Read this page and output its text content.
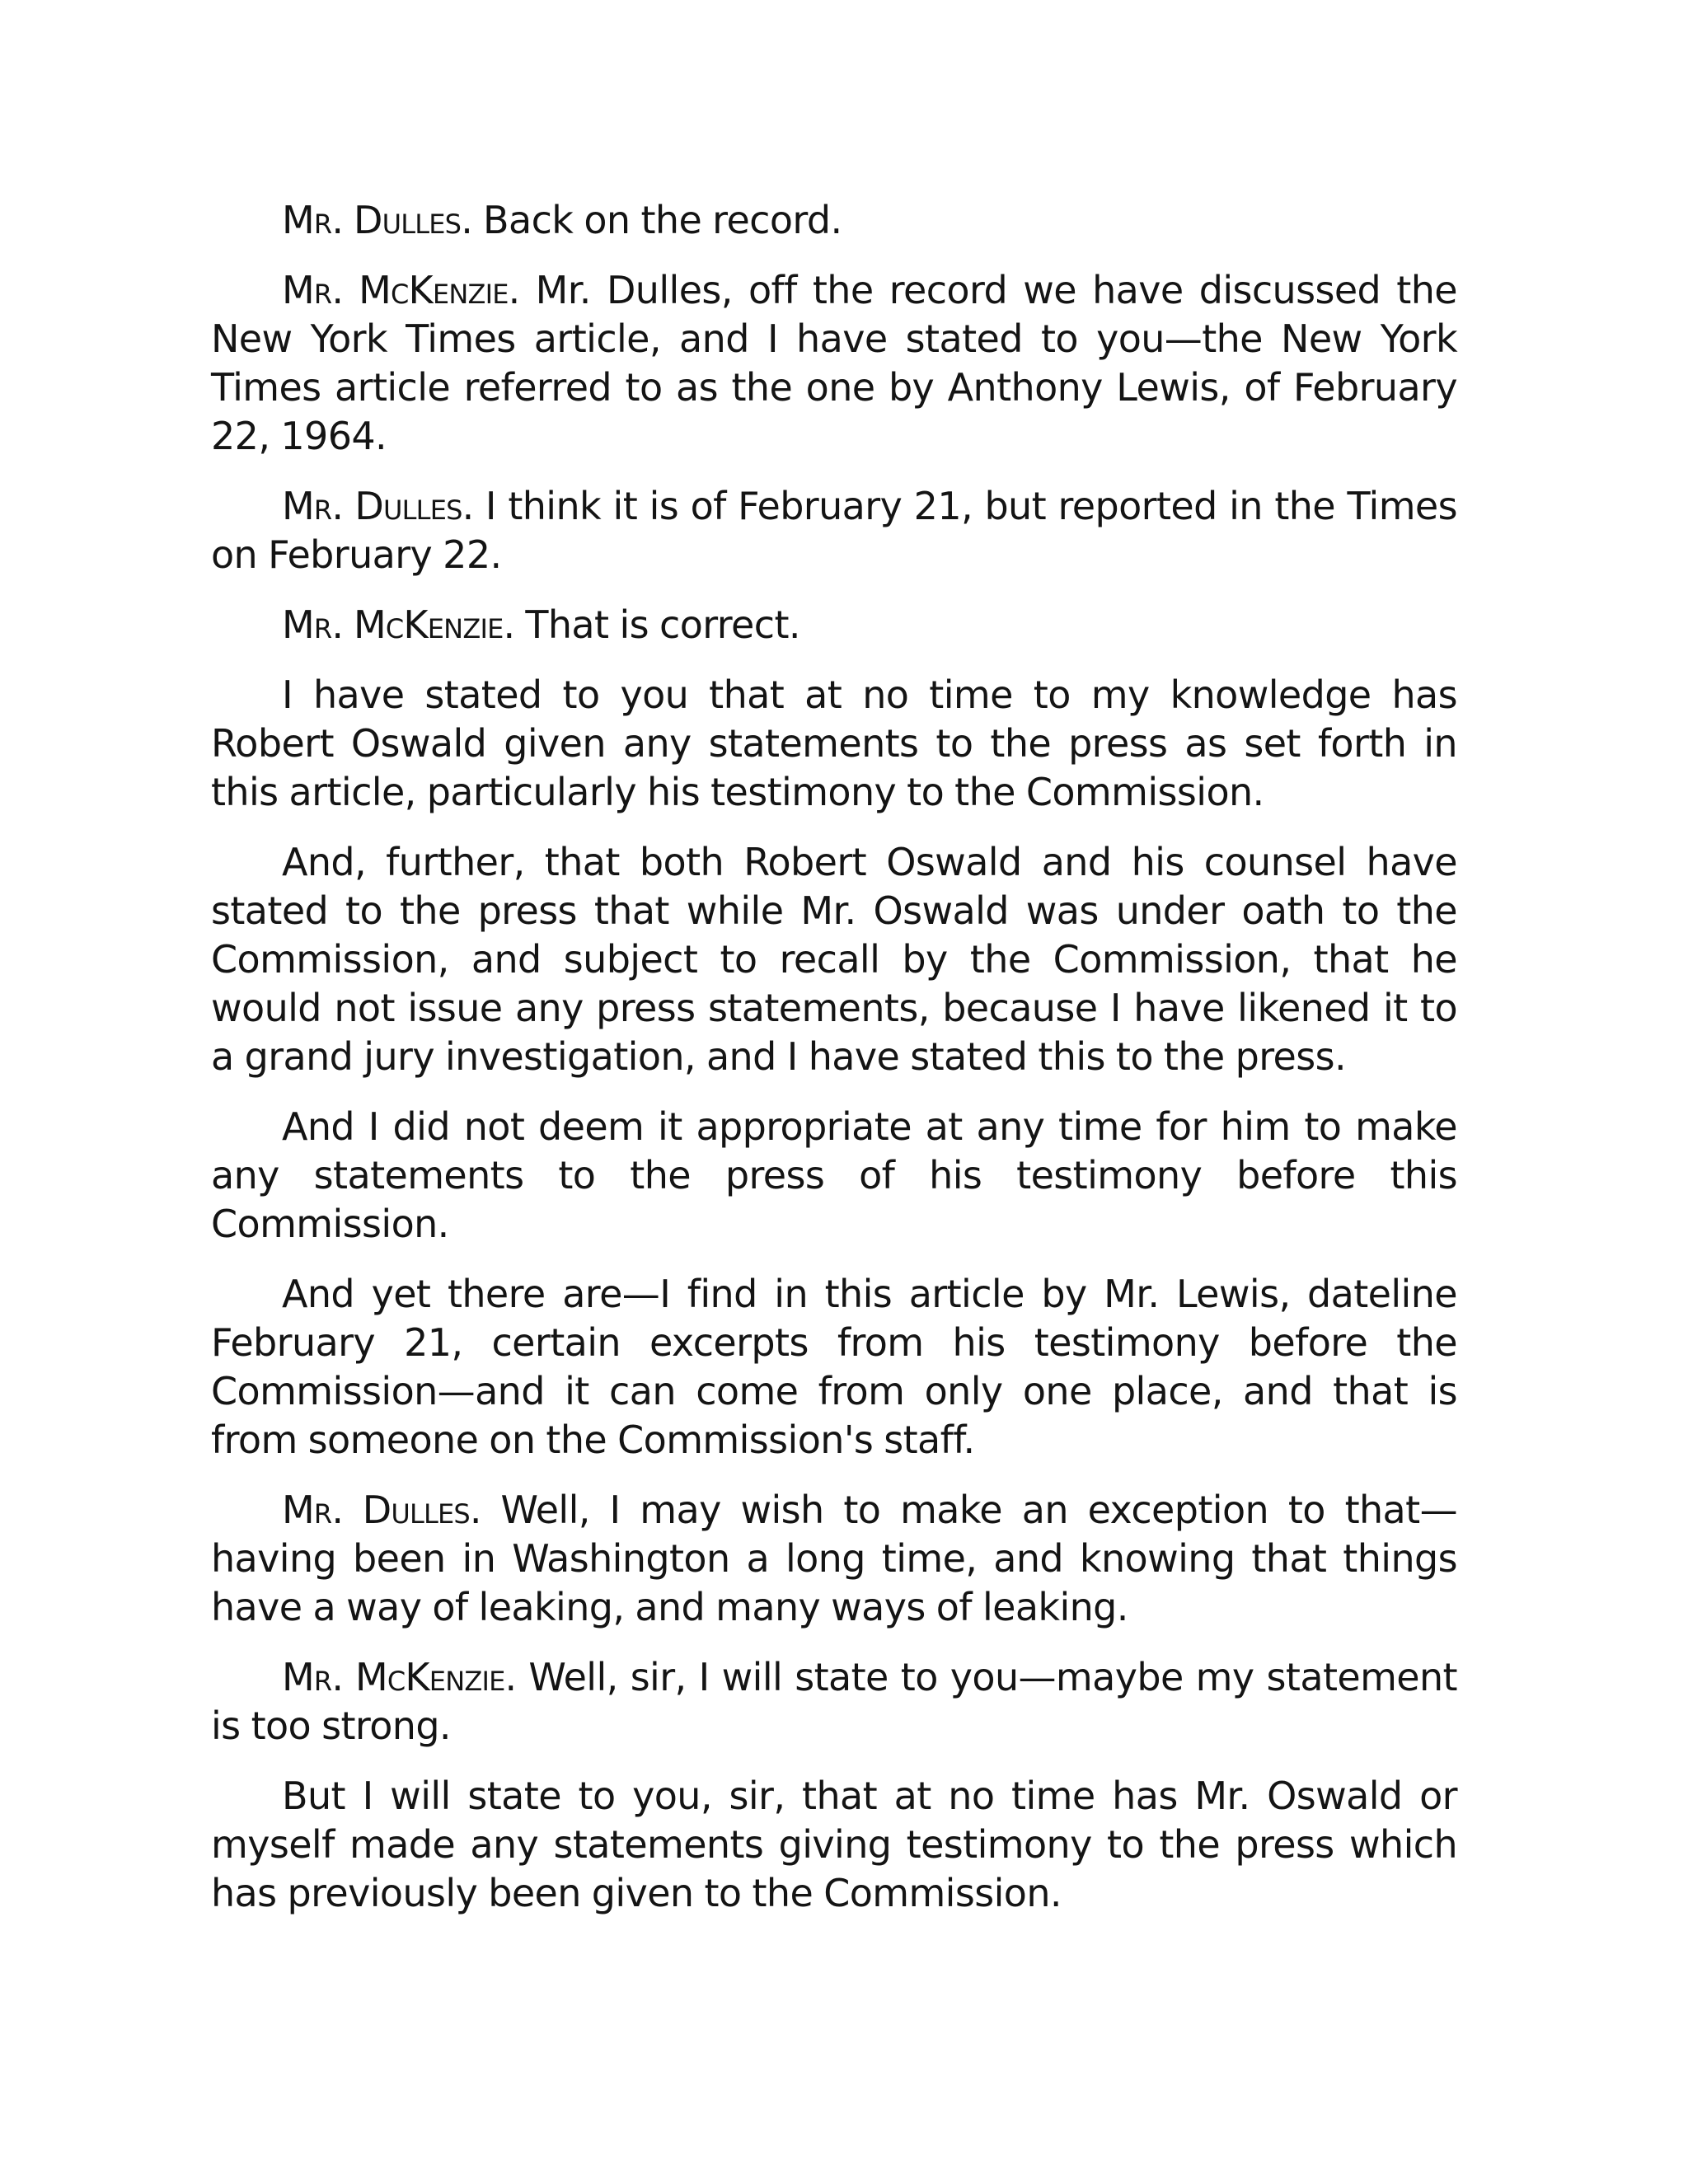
Mr. Dulles. Back on the record.

Mr. McKenzie. Mr. Dulles, off the record we have discussed the New York Times article, and I have stated to you—the New York Times article referred to as the one by Anthony Lewis, of February 22, 1964.

Mr. Dulles. I think it is of February 21, but reported in the Times on February 22.

Mr. McKenzie. That is correct.

I have stated to you that at no time to my knowledge has Robert Oswald given any statements to the press as set forth in this article, particularly his testimony to the Commission.

And, further, that both Robert Oswald and his counsel have stated to the press that while Mr. Oswald was under oath to the Commission, and subject to recall by the Commission, that he would not issue any press statements, because I have likened it to a grand jury investigation, and I have stated this to the press.

And I did not deem it appropriate at any time for him to make any statements to the press of his testimony before this Commission.

And yet there are—I find in this article by Mr. Lewis, dateline February 21, certain excerpts from his testimony before the Commission—and it can come from only one place, and that is from someone on the Commission's staff.

Mr. Dulles. Well, I may wish to make an exception to that—having been in Washington a long time, and knowing that things have a way of leaking, and many ways of leaking.

Mr. McKenzie. Well, sir, I will state to you—maybe my statement is too strong.

But I will state to you, sir, that at no time has Mr. Oswald or myself made any statements giving testimony to the press which has previously been given to the Commission.
